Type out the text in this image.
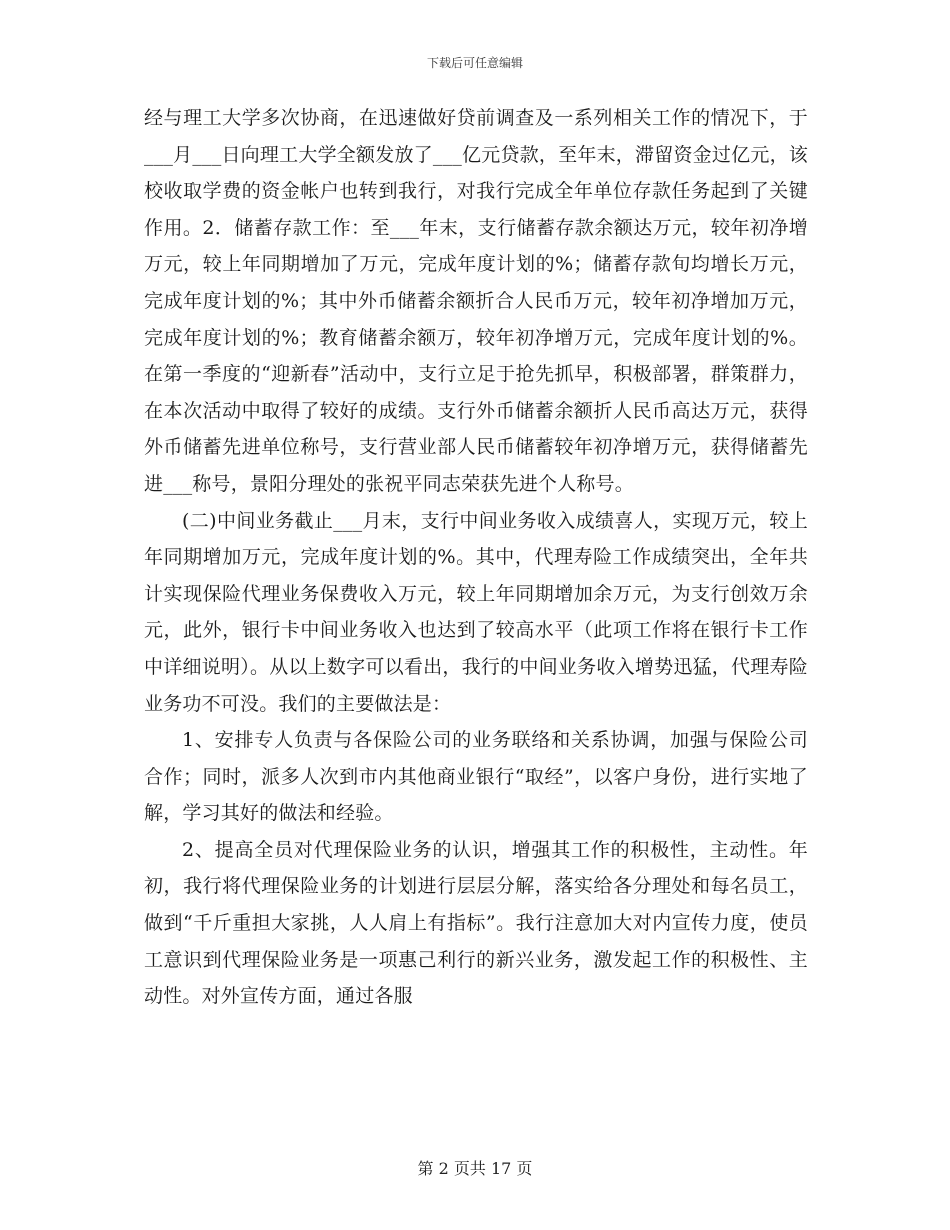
下载后可任意编辑

经与理工大学多次协商，在迅速做好贷前调查及一系列相关工作的情况下，于___月___日向理工大学全额发放了___亿元贷款，至年末，滞留资金过亿元，该校收取学费的资金帐户也转到我行，对我行完成全年单位存款任务起到了关键作用。2．储蓄存款工作：至___年末，支行储蓄存款余额达万元，较年初净增万元，较上年同期增加了万元，完成年度计划的%；储蓄存款旬均增长万元，完成年度计划的%；其中外币储蓄余额折合人民币万元，较年初净增加万元，完成年度计划的%；教育储蓄余额万，较年初净增万元，完成年度计划的%。在第一季度的“迎新春”活动中，支行立足于抢先抓早，积极部署，群策群力，在本次活动中取得了较好的成绩。支行外币储蓄余额折人民币高达万元，获得外币储蓄先进单位称号，支行营业部人民币储蓄较年初净增万元，获得储蓄先进___称号，景阳分理处的张祝平同志荣获先进个人称号。

(二)中间业务截止___月末，支行中间业务收入成绩喜人，实现万元，较上年同期增加万元，完成年度计划的%。其中，代理寿险工作成绩突出，全年共计实现保险代理业务保费收入万元，较上年同期增加余万元，为支行创效万余元，此外，银行卡中间业务收入也达到了较高水平（此项工作将在银行卡工作中详细说明）。从以上数字可以看出，我行的中间业务收入增势迅猛，代理寿险业务功不可没。我们的主要做法是：

1、安排专人负责与各保险公司的业务联络和关系协调，加强与保险公司合作；同时，派多人次到市内其他商业银行“取经”，以客户身份，进行实地了解，学习其好的做法和经验。

2、提高全员对代理保险业务的认识，增强其工作的积极性，主动性。年初，我行将代理保险业务的计划进行层层分解，落实给各分理处和每名员工，做到“千斤重担大家挑，人人肩上有指标”。我行注意加大对内宣传力度，使员工意识到代理保险业务是一项惠己利行的新兴业务，激发起工作的积极性、主动性。对外宣传方面，通过各服

第 2 页共 17 页
